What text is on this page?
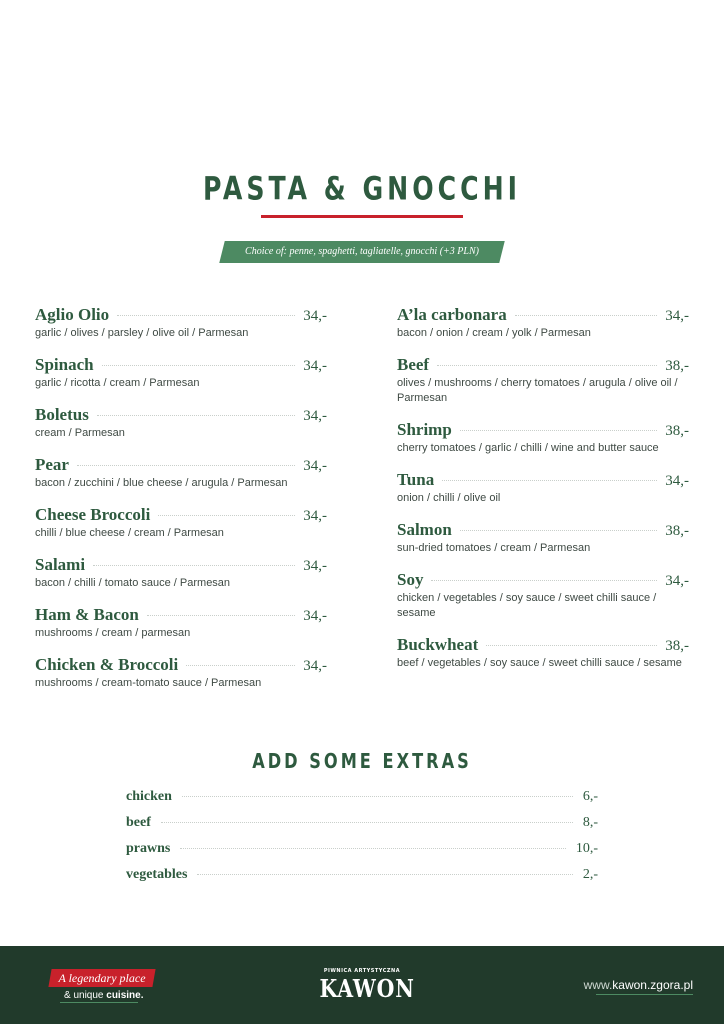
PASTA & GNOCCHI
Choice of: penne, spaghetti, tagliatelle, gnocchi (+3 PLN)
Aglio Olio	34,-
garlic / olives / parsley / olive oil / Parmesan
Spinach	34,-
garlic / ricotta / cream / Parmesan
Boletus	34,-
cream / Parmesan
Pear	34,-
bacon / zucchini / blue cheese / arugula / Parmesan
Cheese Broccoli	34,-
chilli / blue cheese / cream / Parmesan
Salami	34,-
bacon / chilli / tomato sauce / Parmesan
Ham & Bacon	34,-
mushrooms / cream / parmesan
Chicken & Broccoli	34,-
mushrooms / cream-tomato sauce / Parmesan
A’la carbonara	34,-
bacon / onion / cream / yolk / Parmesan
Beef	38,-
olives / mushrooms / cherry tomatoes / arugula / olive oil / Parmesan
Shrimp	38,-
cherry tomatoes / garlic / chilli / wine and butter sauce
Tuna	34,-
onion / chilli / olive oil
Salmon	38,-
sun-dried tomatoes / cream / Parmesan
Soy	34,-
chicken / vegetables / soy sauce / sweet chilli sauce / sesame
Buckwheat	38,-
beef / vegetables / soy sauce / sweet chilli sauce / sesame
ADD SOME EXTRAS
chicken	6,-
beef	8,-
prawns	10,-
vegetables	2,-
A legendary place
& unique cuisine.
PIWNICA ARTYSTYCZNA
KAWON	www.kawon.zgora.pl
